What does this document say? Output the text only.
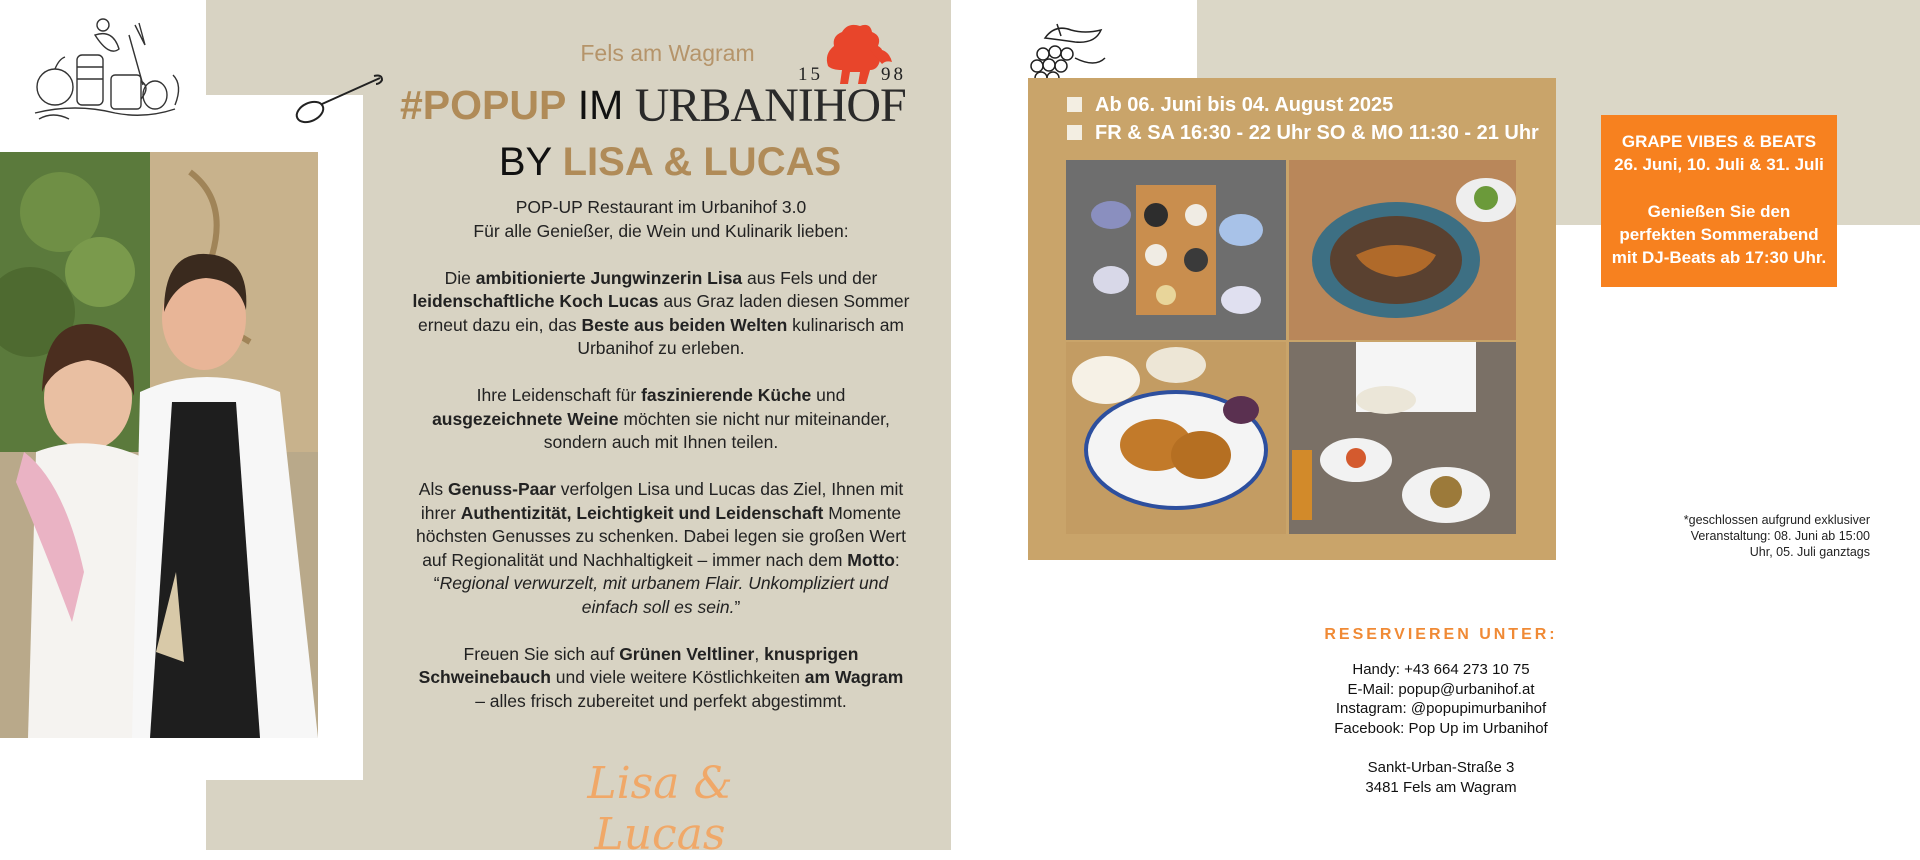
Fels am Wagram
15	98
#POPUP IM URBANIHOF
BY LISA & LUCAS

POP-UP Restaurant im Urbanihof 3.0
Für alle Genießer, die Wein und Kulinarik lieben:

Die ambitionierte Jungwinzerin Lisa aus Fels und der leidenschaftliche Koch Lucas aus Graz laden diesen Sommer erneut dazu ein, das Beste aus beiden Welten kulinarisch am Urbanihof zu erleben.

Ihre Leidenschaft für faszinierende Küche und ausgezeichnete Weine möchten sie nicht nur miteinander, sondern auch mit Ihnen teilen.

Als Genuss-Paar verfolgen Lisa und Lucas das Ziel, Ihnen mit ihrer Authentizität, Leichtigkeit und Leidenschaft Momente höchsten Genusses zu schenken. Dabei legen sie großen Wert auf Regionalität und Nachhaltigkeit – immer nach dem Motto: “Regional verwurzelt, mit urbanem Flair. Unkompliziert und einfach soll es sein.”

Freuen Sie sich auf Grünen Veltliner, knusprigen Schweinebauch und viele weitere Köstlichkeiten am Wagram – alles frisch zubereitet und perfekt abgestimmt.

Lisa & Lucas
Ab 06. Juni bis 04. August 2025
FR & SA 16:30 - 22 Uhr SO & MO 11:30 - 21 Uhr	GRAPE VIBES & BEATS
26. Juni, 10. Juli & 31. Juli
Genießen Sie den
perfekten Sommerabend
mit DJ-Beats ab 17:30 Uhr.
*geschlossen aufgrund exklusiver
Veranstaltung: 08. Juni ab 15:00
Uhr, 05. Juli ganztags
RESERVIEREN UNTER:
Handy: +43 664 273 10 75
E-Mail: popup@urbanihof.at
Instagram: @popupimurbanihof
Facebook: Pop Up im Urbanihof
Sankt-Urban-Straße 3
3481 Fels am Wagram
